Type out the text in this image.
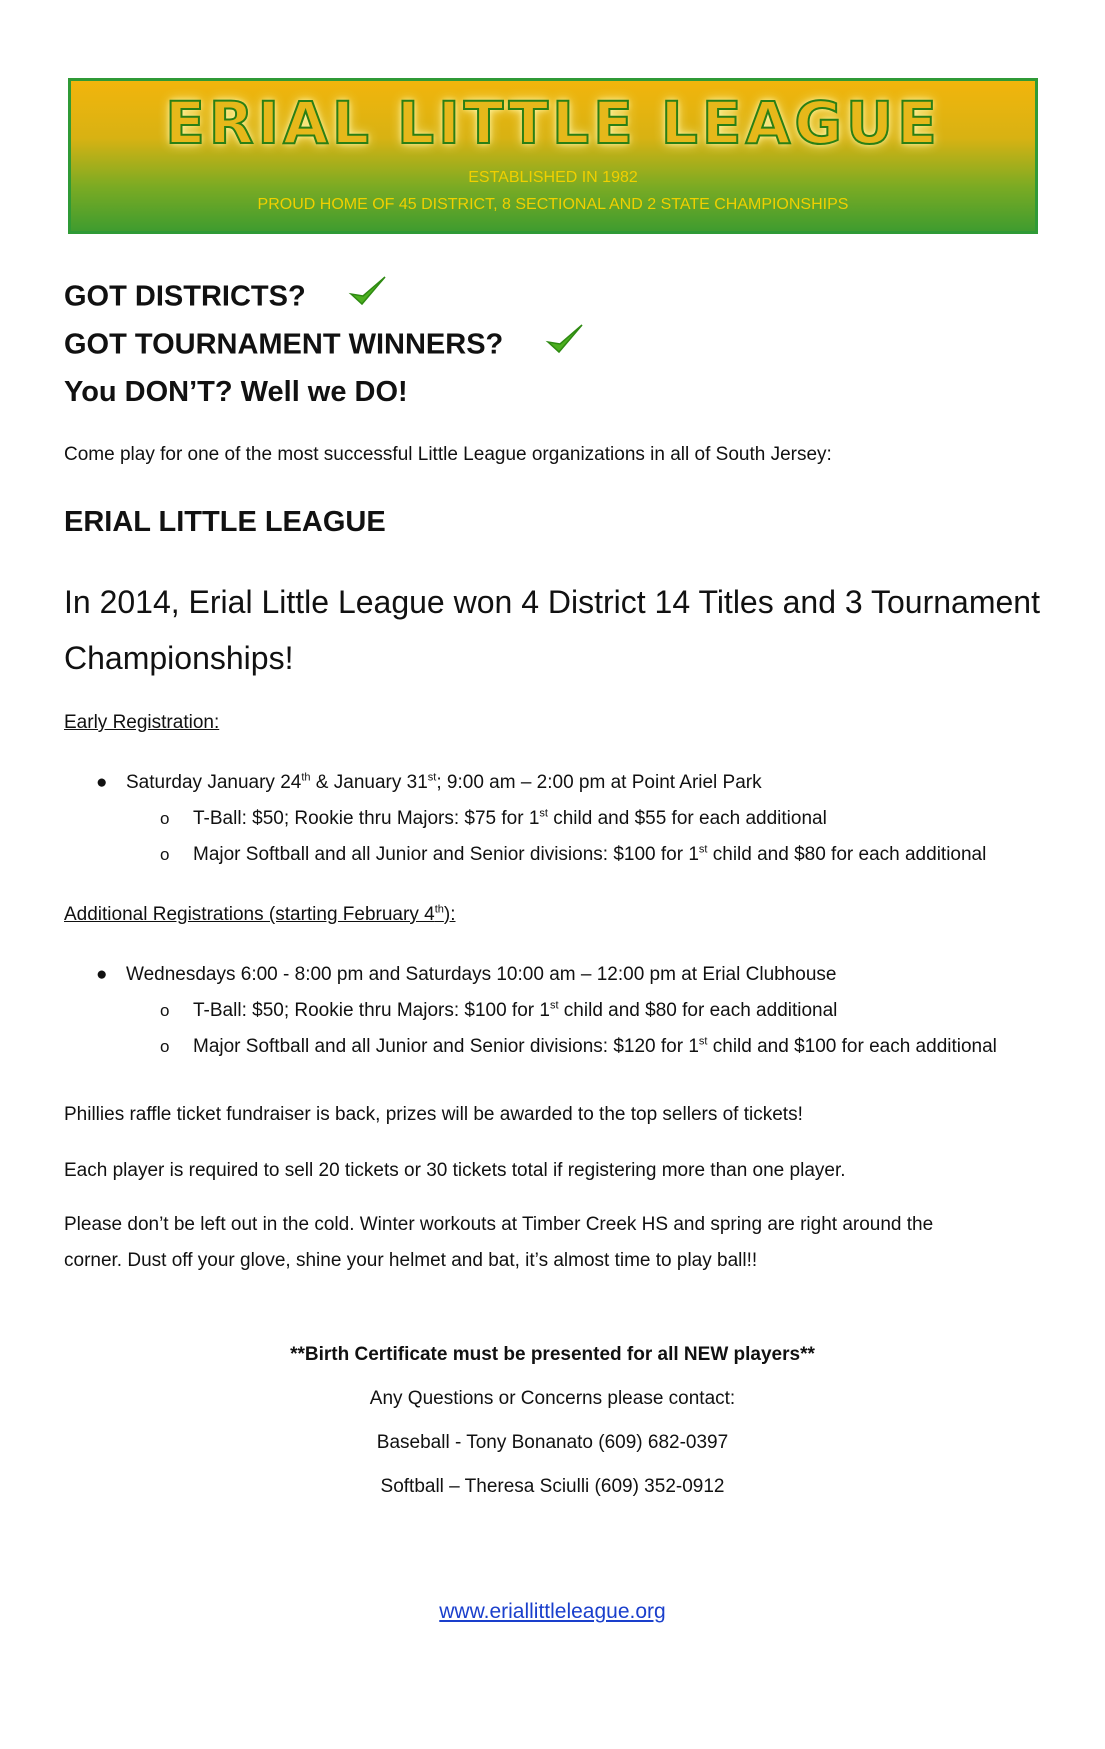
ERIAL LITTLE LEAGUE
ESTABLISHED IN 1982
PROUD HOME OF 45 DISTRICT, 8 SECTIONAL AND 2 STATE CHAMPIONSHIPS
GOT DISTRICTS?
GOT TOURNAMENT WINNERS?
You DON’T? Well we DO!
Come play for one of the most successful Little League organizations in all of South Jersey:
ERIAL LITTLE LEAGUE
In 2014, Erial Little League won 4 District 14 Titles and 3 Tournament Championships!
Early Registration:
● Saturday January 24th & January 31st; 9:00 am – 2:00 pm at Point Ariel Park
o T-Ball: $50; Rookie thru Majors: $75 for 1st child and $55 for each additional
o Major Softball and all Junior and Senior divisions: $100 for 1st child and $80 for each additional
Additional Registrations (starting February 4th):
● Wednesdays 6:00 - 8:00 pm and Saturdays 10:00 am – 12:00 pm at Erial Clubhouse
o T-Ball: $50; Rookie thru Majors: $100 for 1st child and $80 for each additional
o Major Softball and all Junior and Senior divisions: $120 for 1st child and $100 for each additional
Phillies raffle ticket fundraiser is back, prizes will be awarded to the top sellers of tickets!
Each player is required to sell 20 tickets or 30 tickets total if registering more than one player.
Please don’t be left out in the cold. Winter workouts at Timber Creek HS and spring are right around the
corner. Dust off your glove, shine your helmet and bat, it’s almost time to play ball!!
**Birth Certificate must be presented for all NEW players**
Any Questions or Concerns please contact:
Baseball - Tony Bonanato (609) 682-0397
Softball – Theresa Sciulli (609) 352-0912
www.eriallittleleague.org
